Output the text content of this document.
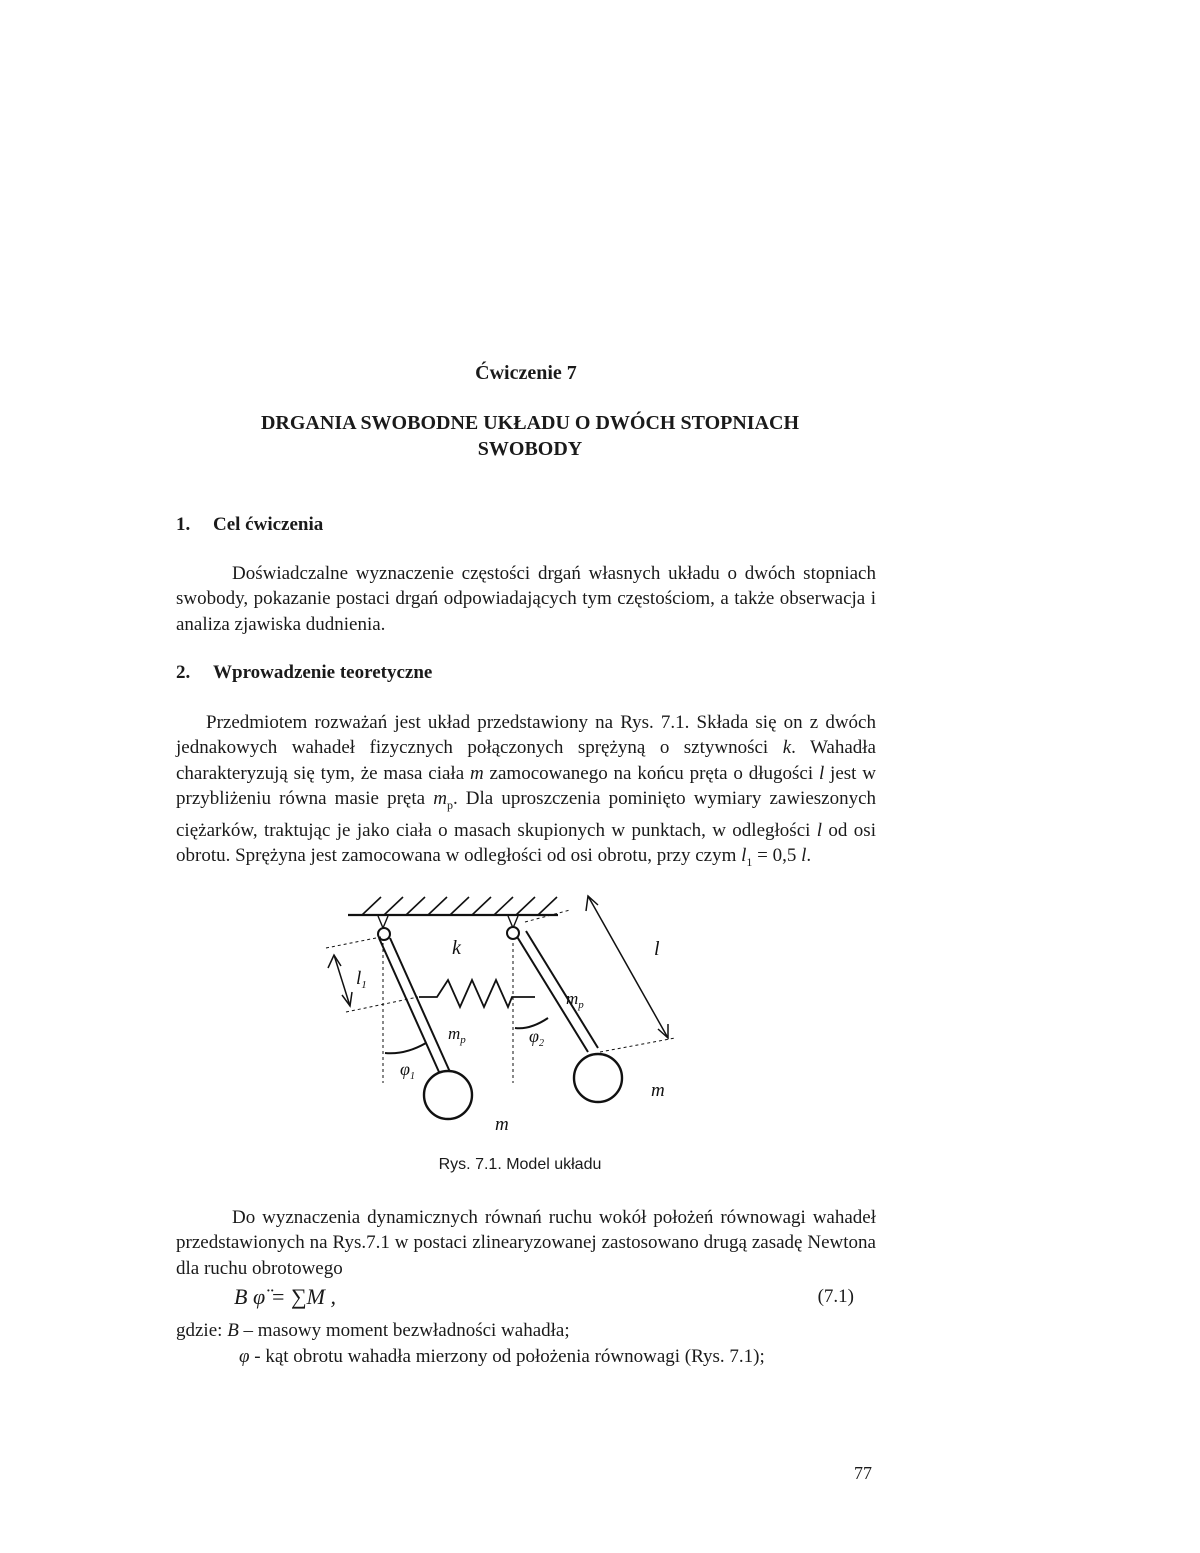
Ćwiczenie 7
DRGANIA SWOBODNE UKŁADU O DWÓCH STOPNIACH
SWOBODY
1. Cel ćwiczenia

Doświadczalne wyznaczenie częstości drgań własnych układu o dwóch stopniach swobody, pokazanie postaci drgań odpowiadających tym częstościom, a także obserwacja i analiza zjawiska dudnienia.

2. Wprowadzenie teoretyczne

Przedmiotem rozważań jest układ przedstawiony na Rys. 7.1. Składa się on z dwóch jednakowych wahadeł fizycznych połączonych sprężyną o sztywności k. Wahadła charakteryzują się tym, że masa ciała m zamocowanego na końcu pręta o długości l jest w przybliżeniu równa masie pręta $m_p$. Dla uproszczenia pominięto wymiary zawieszonych ciężarków, traktując je jako ciała o masach skupionych w punktach, w odległości l od osi obrotu. Sprężyna jest zamocowana w odległości od osi obrotu, przy czym $l_1 = 0,5$ l.

k	l
$l_1$
$m_p$
$m_p$	$\varphi_2$
$\varphi_1$
m
m
Rys. 7.1. Model układu

Do wyznaczenia dynamicznych równań ruchu wokół położeń równowagi wahadeł przedstawionych na Rys.7.1 w postaci zlinearyzowanej zastosowano drugą zasadę Newtona dla ruchu obrotowego

B φ̈ = ∑M ,	(7.1)
gdzie: B – masowy moment bezwładności wahadła;
φ - kąt obrotu wahadła mierzony od położenia równowagi (Rys. 7.1);
77
